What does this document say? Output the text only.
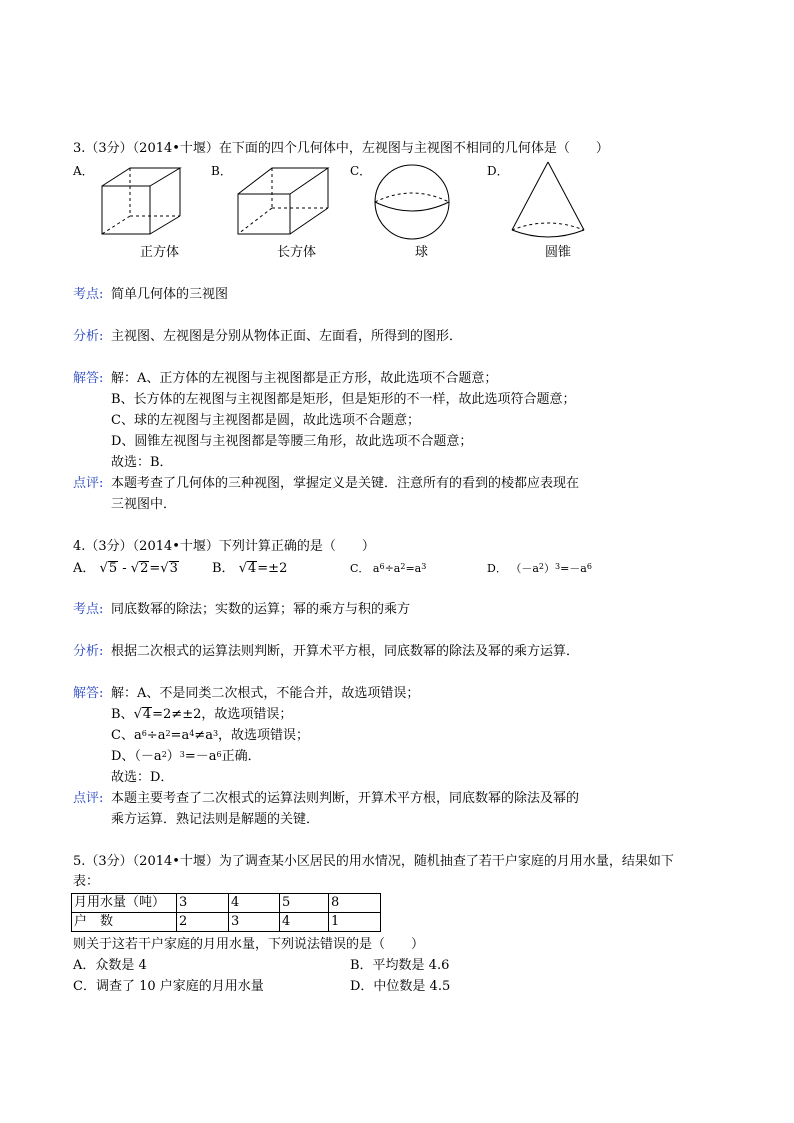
3.（3分）（2014•十堰）在下面的四个几何体中，左视图与主视图不相同的几何体是（　　）
A．	B．	C．	D．
正方体	长方体	球	圆锥
考点: 简单几何体的三视图
分析: 主视图、左视图是分别从物体正面、左面看，所得到的图形．
解答: 解：A、正方体的左视图与主视图都是正方形，故此选项不合题意；
B、长方体的左视图与主视图都是矩形，但是矩形的不一样，故此选项符合题意；
C、球的左视图与主视图都是圆，故此选项不合题意；
D、圆锥左视图与主视图都是等腰三角形，故此选项不合题意；
故选：B．
点评: 本题考查了几何体的三种视图，掌握定义是关键．注意所有的看到的棱都应表现在
三视图中．
4.（3分）（2014•十堰）下列计算正确的是（　　）
A． √5 - √2=√3	B． √4=±2	C． $a^6\div a^2=a^3$	D． $(-a^2)^3=-a^6$
考点: 同底数幂的除法；实数的运算；幂的乘方与积的乘方
分析: 根据二次根式的运算法则判断，开算术平方根，同底数幂的除法及幂的乘方运算．
解答: 解：A、不是同类二次根式，不能合并，故选项错误；
B、√4=2≠±2，故选项错误；
C、$a^6\div a^2=a^4\ne a^3$，故选项错误；
D、$(-a^2)^3=-a^6$正确．
故选：D．
点评: 本题主要考查了二次根式的运算法则判断，开算术平方根，同底数幂的除法及幂的
乘方运算．熟记法则是解题的关键．
5.（3分）（2014•十堰）为了调查某小区居民的用水情况，随机抽查了若干户家庭的月用水量，结果如下
表：
月用水量（吨）	3	4	5	8
户　数	2	3	4	1
则关于这若干户家庭的月用水量，下列说法错误的是（　　）
A．众数是 4	B．平均数是 4.6
C．调查了 10 户家庭的月用水量	D．中位数是 4.5
